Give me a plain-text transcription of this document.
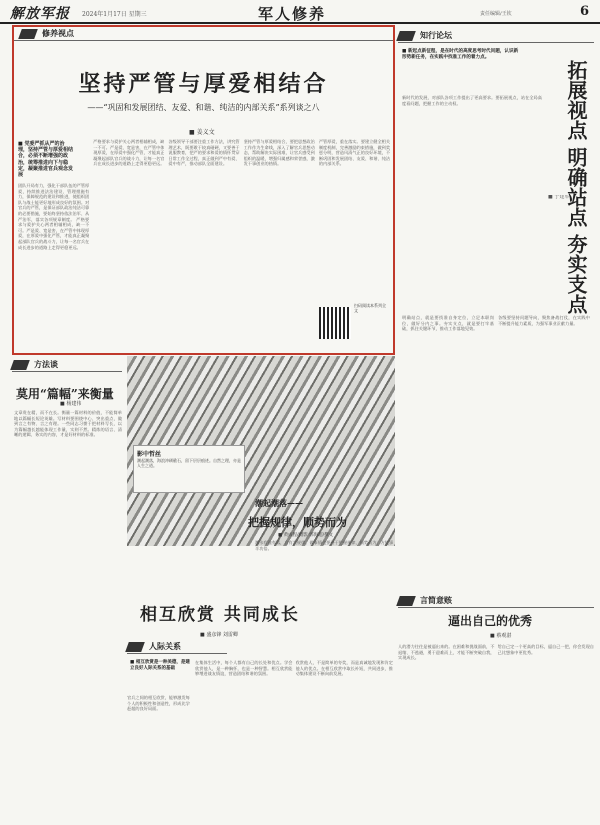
解放军报 2024年1月17日 星期三	军人修养	责任编辑/王钦	6
修养视点
坚持严管与厚爱相结合
——“巩固和发展团结、友爱、和谐、纯洁的内部关系”系列谈之八
■ 姜义文
团队开局有力，强化干部队伍的严管厚爱，持续推进法治建设、管理措施有力，保障规范的建设和推进，使组织团队与战士能更好地形成良好的氛围。对官兵的严管，是保证部队政治纯洁可靠的必要措施，要始终坚持依法治军、从严治军，落实各项规章制度。 严格要求与爱护关心两者相辅相成，缺一不可。严是爱、宽是害，在严管中体现厚爱，在厚爱中强化严管，才能真正凝聚起部队官兵的战斗力，让每一名官兵在成长进步的道路上走得更稳更远。
严格要求与爱护关心两者相辅相成，缺一不可。严是爱、宽是害，在严管中体现厚爱，在厚爱中强化严管，才能真正凝聚起部队官兵的战斗力，让每一名官兵在成长进步的道路上走得更稳更远。
各级领导干部要注重工作方法，讲究管理艺术，既要敢于较真碰硬，又要善于说服教育，把严的要求和爱的情怀贯穿日常工作全过程，真正做到严中有爱、爱中有严，推动部队全面建设。
坚持严管与厚爱相结合，要把思想政治工作作为生命线，深入了解官兵思想动态，帮助解决实际困难，让官兵感受到组织的温暖，增强归属感和荣誉感，激发干事创业的热情。
严管厚爱，重在落实。要建立健全相关制度机制，完善激励约束措施，做到奖惩分明，营造风清气正的良好环境，不断巩固和发展团结、友爱、和谐、纯洁的内部关系。
■ 党委严抓从严的治理，坚持严管与厚爱相结合，必须不断增强的政治，统筹推进向下与稳定，凝聚推进官兵观念发展
扫码阅读本系列全文
知行论坛
■ 新起点新征程，是在时代的高度思考时代问题，认识新形势新任务，在实践中找准工作的着力点。
拓展视点 明确站点 夯实支点
■ 于建军
新时代的发展，对部队各项工作提出了更高要求。要拓展视点，站在全局高度看问题，把握工作的主动权。
明确站点，就是要找准自身定位，立足本职岗位，做好分内之事。夯实支点，就是要打牢基础，抓住关键环节，推动工作落地见效。
各级要坚持问题导向，聚焦备战打仗，在实践中不断提升能力素质，为强军事业贡献力量。
方法谈
莫用“篇幅”来衡量
■ 杨建伟
文章贵在精，而不在长。衡量一篇材料的价值，不能简单地以篇幅长短论英雄。写材料要围绕中心、突出重点，做到言之有物、言之有理。一些同志习惯于把材料写长，以为篇幅越长越能体现工作量，实则不然。精炼的语言、清晰的逻辑、务实的内容，才是好材料的标准。
影中哲丝
潮起潮落，海浪冲刷礁石，留下层层痕迹。自然之理，亦是人生之道。
潮起潮落——
把握规律，顺势而为
■ 黄成程/摄影 郭海超/撰文
潮水有涨有落，自有其规律。做事情也要善于把握规律，顺势而为，方能事半功倍。
相互欣赏 共同成长
■ 盛彦锋 刘雷卿
人际关系
■ 相互欣赏是一种美德，是建立良好人际关系的基础
官兵之间的相互欣赏，能够激发每个人的积极性和创造性，形成比学赶超的良好局面。
在集体生活中，每个人都有自己的长处和优点。学会欣赏他人，是一种胸怀，也是一种智慧。相互欣赏能够增进战友情谊，营造团结和谐的氛围。
欣赏他人，不是简单的夸奖，而是真诚地发现和肯定他人的优点。在相互欣赏中取长补短，共同进步，推动集体建设不断向前发展。
言简意赅
逼出自己的优秀
■ 蔡观湛
人的潜力往往是被逼出来的。在困难和挑战面前，不退缩、不逃避，勇于迎难而上，才能不断突破自我，实现成长。
给自己定一个更高的目标，逼自己一把，你会发现自己比想象中更优秀。
